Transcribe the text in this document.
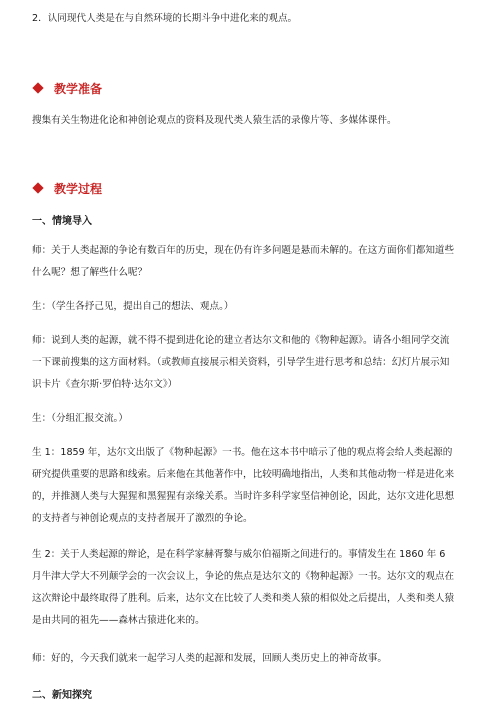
2．认同现代人类是在与自然环境的长期斗争中进化来的观点。

教学准备

搜集有关生物进化论和神创论观点的资料及现代类人猿生活的录像片等、多媒体课件。

教学过程

一、情境导入

师：关于人类起源的争论有数百年的历史，现在仍有许多问题是悬而未解的。在这方面你们都知道些什么呢？想了解些什么呢？

生：（学生各抒己见，提出自己的想法、观点。）

师：说到人类的起源，就不得不提到进化论的建立者达尔文和他的《物种起源》。请各小组同学交流一下课前搜集的这方面材料。（或教师直接展示相关资料，引导学生进行思考和总结：幻灯片展示知识卡片《查尔斯·罗伯特·达尔文》）

生：（分组汇报交流。）

生 1：1859 年，达尔文出版了《物种起源》一书。他在这本书中暗示了他的观点将会给人类起源的研究提供重要的思路和线索。后来他在其他著作中，比较明确地指出，人类和其他动物一样是进化来的，并推测人类与大猩猩和黑猩猩有亲缘关系。当时许多科学家坚信神创论，因此，达尔文进化思想的支持者与神创论观点的支持者展开了激烈的争论。

生 2：关于人类起源的辩论，是在科学家赫胥黎与威尔伯福斯之间进行的。事情发生在 1860 年 6 月牛津大学大不列颠学会的一次会议上，争论的焦点是达尔文的《物种起源》一书。达尔文的观点在这次辩论中最终取得了胜利。后来，达尔文在比较了人类和类人猿的相似处之后提出，人类和类人猿是由共同的祖先——森林古猿进化来的。

师：好的，今天我们就来一起学习人类的起源和发展，回顾人类历史上的神奇故事。

二、新知探究
